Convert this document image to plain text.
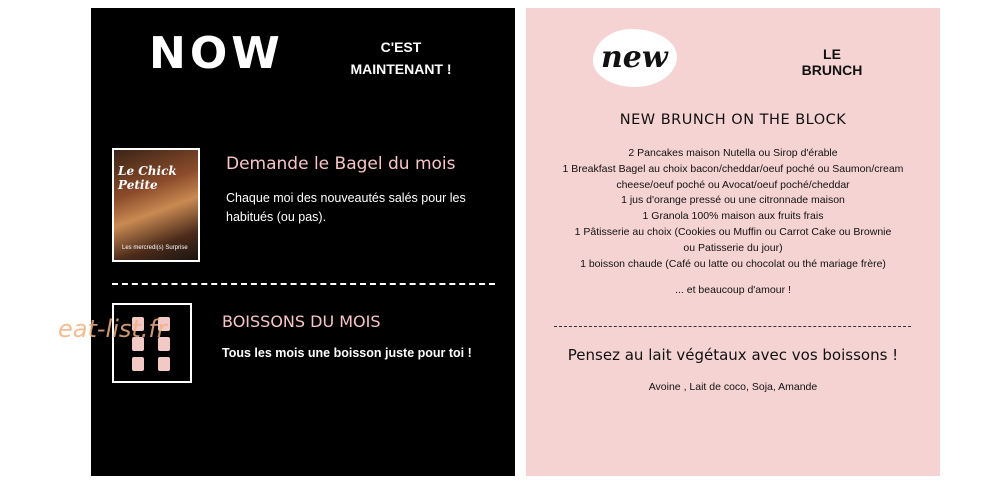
NOW	C'EST
MAINTENANT !
Le Chick Petite
Les mercredi(s) Surprise
Demande le Bagel du mois
Chaque moi des nouveautés salés pour les habitués (ou pas).
BOISSONS DU MOIS
Tous les mois une boisson juste pour toi !
eat-list.fr
new	LE
BRUNCH
NEW BRUNCH ON THE BLOCK
2 Pancakes maison Nutella ou Sirop d'érable
1 Breakfast Bagel au choix bacon/cheddar/oeuf poché ou Saumon/cream
cheese/oeuf poché ou Avocat/oeuf poché/cheddar
1 jus d'orange pressé ou une citronnade maison
1 Granola 100% maison aux fruits frais
1 Pâtisserie au choix (Cookies ou Muffin ou Carrot Cake ou Brownie
ou Patisserie du jour)
1 boisson chaude (Café ou latte ou chocolat ou thé mariage frère)
... et beaucoup d'amour !
Pensez au lait végétaux avec vos boissons !
Avoine , Lait de coco, Soja, Amande
